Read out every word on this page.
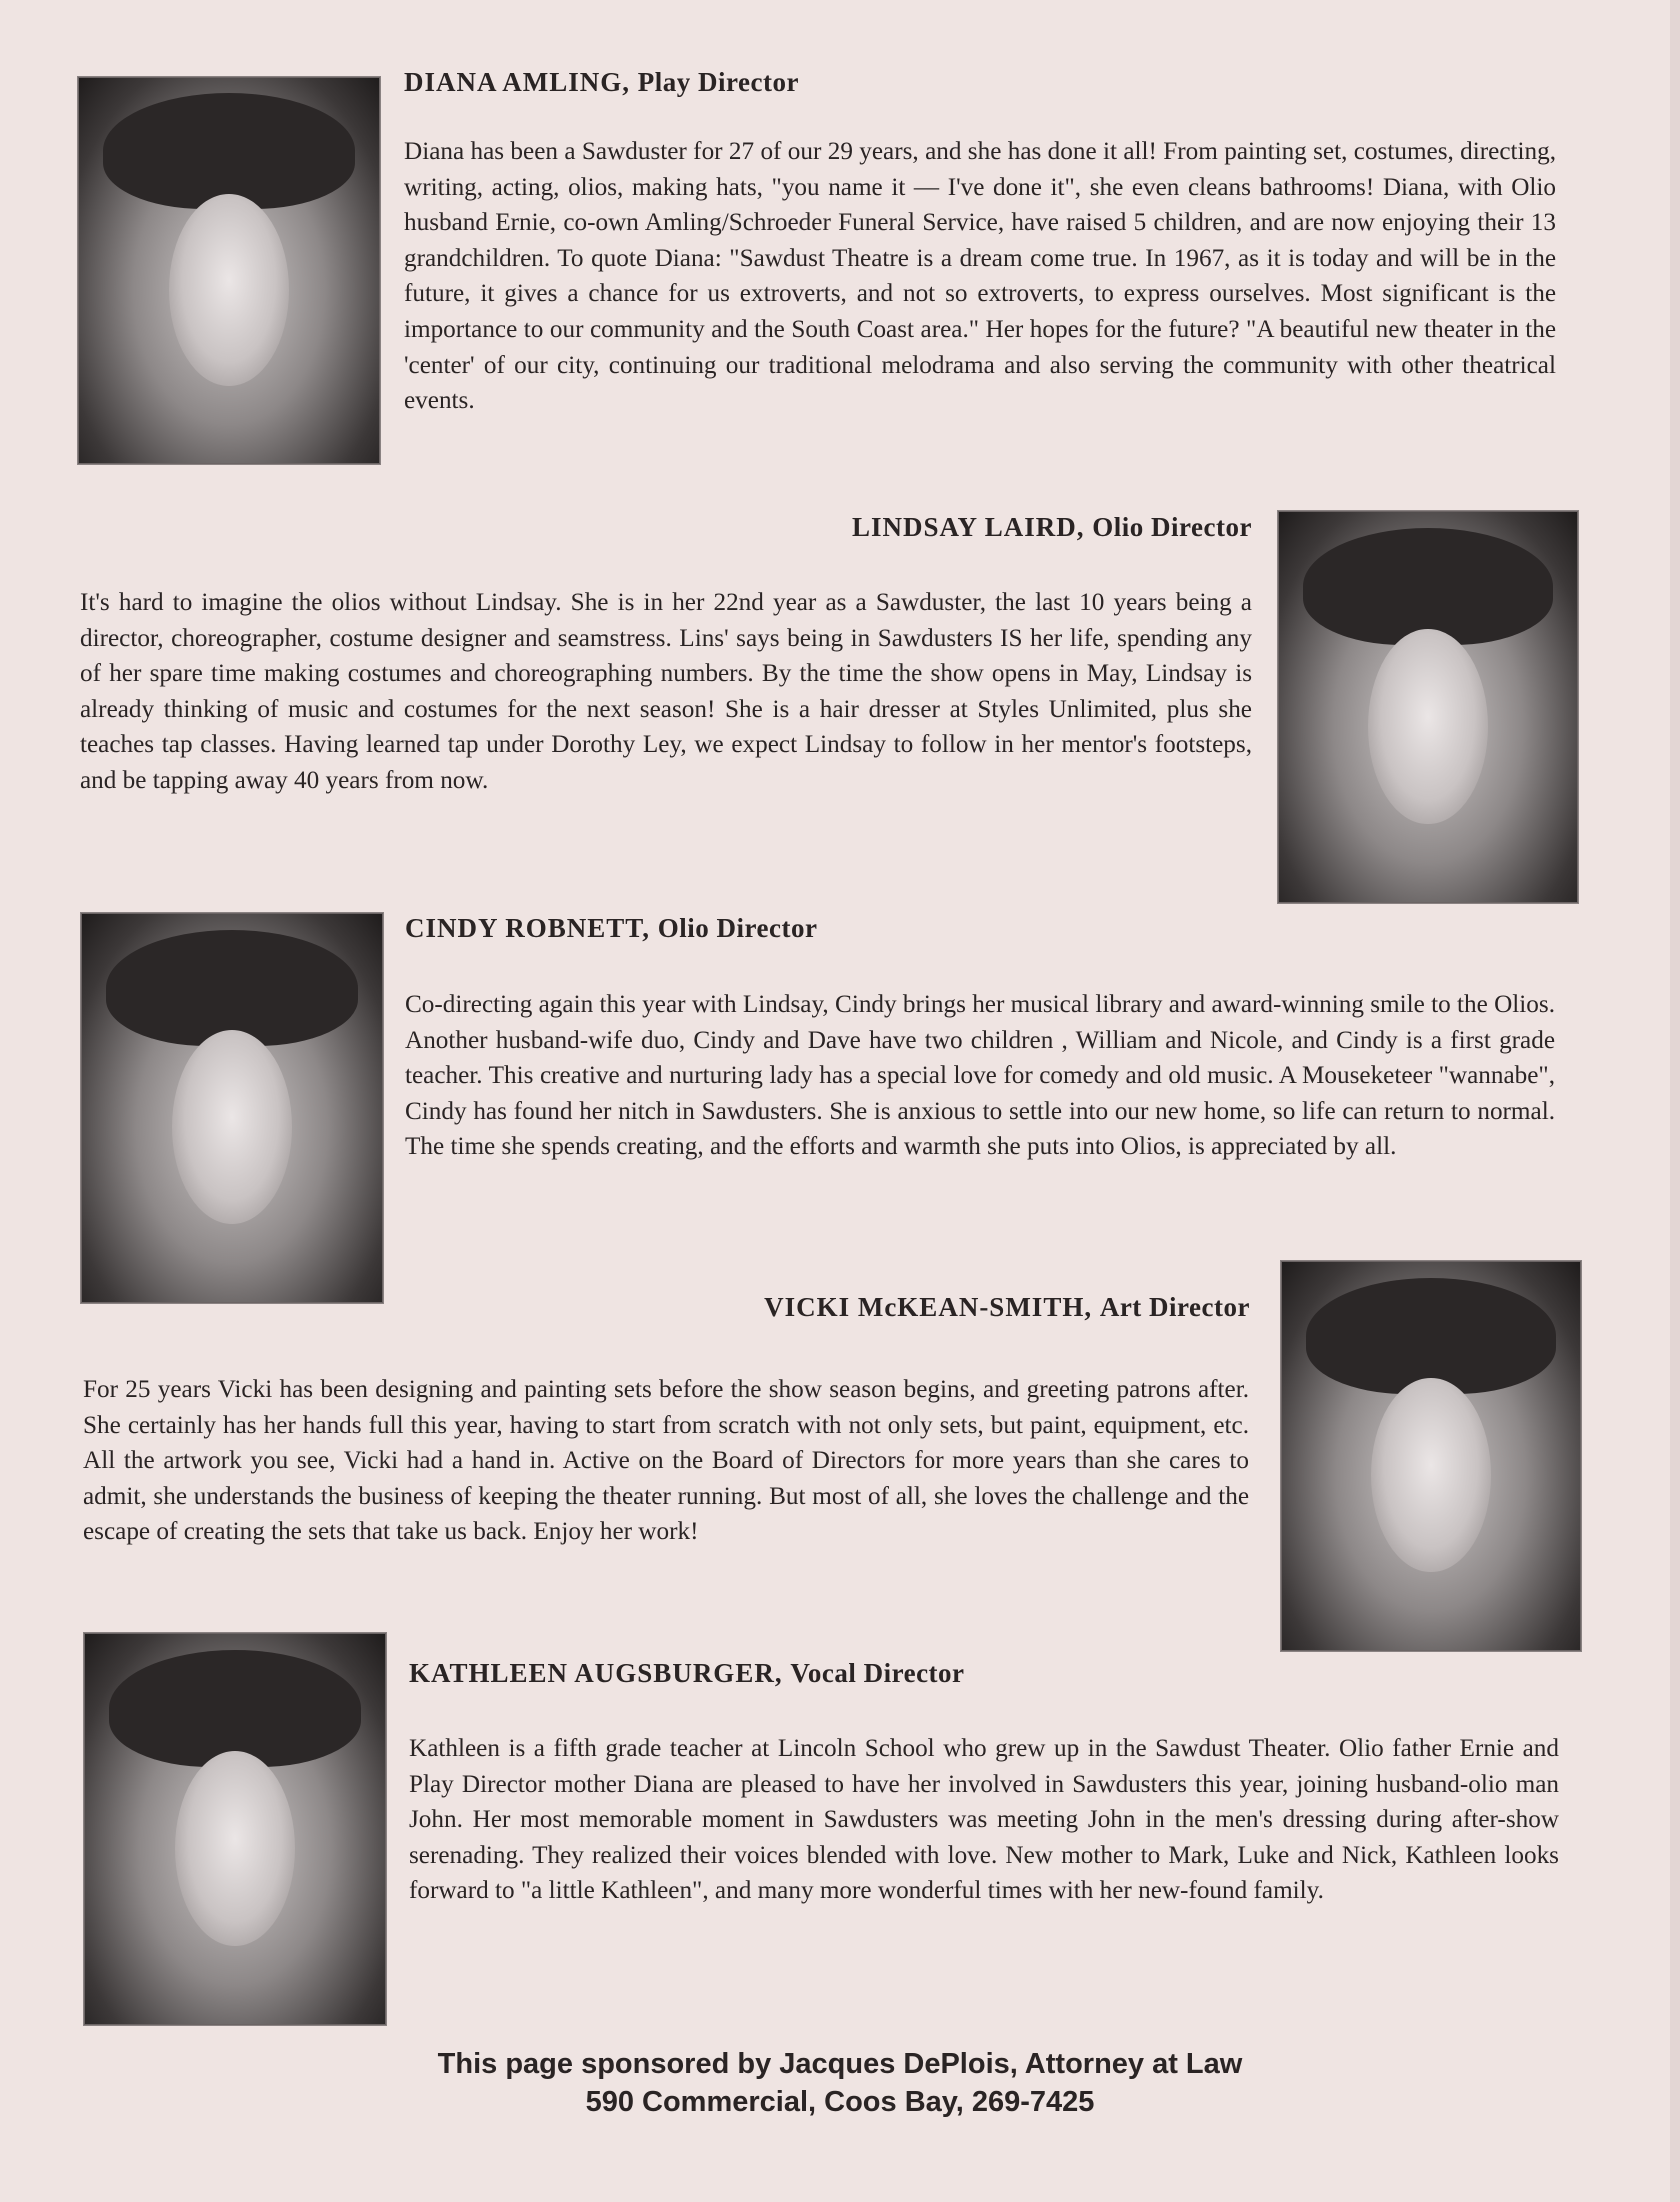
DIANA AMLING, Play Director

Diana has been a Sawduster for 27 of our 29 years, and she has done it all! From painting set, costumes, directing, writing, acting, olios, making hats, "you name it — I've done it", she even cleans bathrooms! Diana, with Olio husband Ernie, co-own Amling/Schroeder Funeral Service, have raised 5 children, and are now enjoying their 13 grandchildren. To quote Diana: "Sawdust Theatre is a dream come true. In 1967, as it is today and will be in the future, it gives a chance for us extroverts, and not so extroverts, to express ourselves. Most significant is the importance to our community and the South Coast area." Her hopes for the future? "A beautiful new theater in the 'center' of our city, continuing our traditional melodrama and also serving the community with other theatrical events.

LINDSAY LAIRD, Olio Director

It's hard to imagine the olios without Lindsay. She is in her 22nd year as a Sawduster, the last 10 years being a director, choreographer, costume designer and seamstress. Lins' says being in Sawdusters IS her life, spending any of her spare time making costumes and choreographing numbers. By the time the show opens in May, Lindsay is already thinking of music and costumes for the next season! She is a hair dresser at Styles Unlimited, plus she teaches tap classes. Having learned tap under Dorothy Ley, we expect Lindsay to follow in her mentor's footsteps, and be tapping away 40 years from now.

CINDY ROBNETT, Olio Director

Co-directing again this year with Lindsay, Cindy brings her musical library and award-winning smile to the Olios. Another husband-wife duo, Cindy and Dave have two children , William and Nicole, and Cindy is a first grade teacher. This creative and nurturing lady has a special love for comedy and old music. A Mouseketeer "wannabe", Cindy has found her nitch in Sawdusters. She is anxious to settle into our new home, so life can return to normal. The time she spends creating, and the efforts and warmth she puts into Olios, is appreciated by all.

VICKI McKEAN-SMITH, Art Director

For 25 years Vicki has been designing and painting sets before the show season begins, and greeting patrons after. She certainly has her hands full this year, having to start from scratch with not only sets, but paint, equipment, etc. All the artwork you see, Vicki had a hand in. Active on the Board of Directors for more years than she cares to admit, she understands the business of keeping the theater running. But most of all, she loves the challenge and the escape of creating the sets that take us back. Enjoy her work!

KATHLEEN AUGSBURGER, Vocal Director

Kathleen is a fifth grade teacher at Lincoln School who grew up in the Sawdust Theater. Olio father Ernie and Play Director mother Diana are pleased to have her involved in Sawdusters this year, joining husband-olio man John. Her most memorable moment in Sawdusters was meeting John in the men's dressing during after-show serenading. They realized their voices blended with love. New mother to Mark, Luke and Nick, Kathleen looks forward to "a little Kathleen", and many more wonderful times with her new-found family.

This page sponsored by Jacques DePlois, Attorney at Law
590 Commercial, Coos Bay, 269-7425
